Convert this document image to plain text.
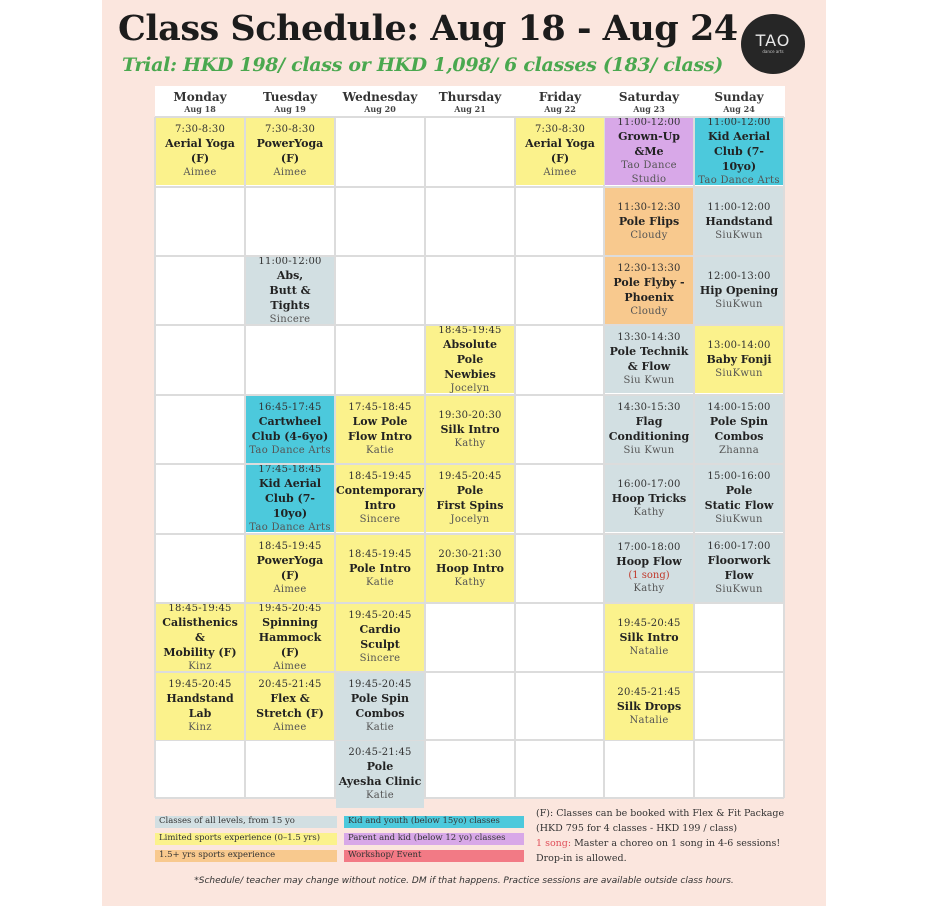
Class Schedule: Aug 18 - Aug 24
Trial: HKD 198/ class or HKD 1,098/ 6 classes (183/ class)
TAO
dance arts
Monday
Aug 18
Tuesday
Aug 19
Wednesday
Aug 20
Thursday
Aug 21
Friday
Aug 22
Saturday
Aug 23
Sunday
Aug 24
7:30-8:30
Aerial Yoga
(F)
Aimee
7:30-8:30
PowerYoga
(F)
Aimee
7:30-8:30
Aerial Yoga
(F)
Aimee
11:00-12:00
Grown-Up
&Me
Tao Dance Studio
11:00-12:00
Kid Aerial
Club (7-10yo)
Tao Dance Arts
11:30-12:30
Pole Flips
Cloudy
11:00-12:00
Handstand
SiuKwun
11:00-12:00
Abs,
Butt & Tights
Sincere
12:30-13:30
Pole Flyby -
Phoenix
Cloudy
12:00-13:00
Hip Opening
SiuKwun
18:45-19:45
Absolute Pole
Newbies
Jocelyn
13:30-14:30
Pole Technik
& Flow
Siu Kwun
13:00-14:00
Baby Fonji
SiuKwun
16:45-17:45
Cartwheel
Club (4-6yo)
Tao Dance Arts
17:45-18:45
Low Pole
Flow Intro
Katie
19:30-20:30
Silk Intro
Kathy
14:30-15:30
Flag
Conditioning
Siu Kwun
14:00-15:00
Pole Spin
Combos
Zhanna
17:45-18:45
Kid Aerial
Club (7-10yo)
Tao Dance Arts
18:45-19:45
Contemporary
Intro
Sincere
19:45-20:45
Pole
First Spins
Jocelyn
16:00-17:00
Hoop Tricks
Kathy
15:00-16:00
Pole
Static Flow
SiuKwun
18:45-19:45
PowerYoga
(F)
Aimee
18:45-19:45
Pole Intro
Katie
20:30-21:30
Hoop Intro
Kathy
17:00-18:00
Hoop Flow
(1 song)
Kathy
16:00-17:00
Floorwork
Flow
SiuKwun
18:45-19:45
Calisthenics &
Mobility (F)
Kinz
19:45-20:45
Spinning
Hammock (F)
Aimee
19:45-20:45
Cardio
Sculpt
Sincere
19:45-20:45
Silk Intro
Natalie
19:45-20:45
Handstand
Lab
Kinz
20:45-21:45
Flex &
Stretch (F)
Aimee
19:45-20:45
Pole Spin
Combos
Katie
20:45-21:45
Silk Drops
Natalie
20:45-21:45
Pole
Ayesha Clinic
Katie
Classes of all levels, from 15 yo
Limited sports experience (0–1.5 yrs)
1.5+ yrs sports experience
Kid and youth (below 15yo) classes
Parent and kid (below 12 yo) classes
Workshop/ Event
(F): Classes can be booked with Flex & Fit Package (HKD 795 for 4 classes - HKD 199 / class)
1 song: Master a choreo on 1 song in 4-6 sessions! Drop-in is allowed.
*Schedule/ teacher may change without notice. DM if that happens. Practice sessions are available outside class hours.
